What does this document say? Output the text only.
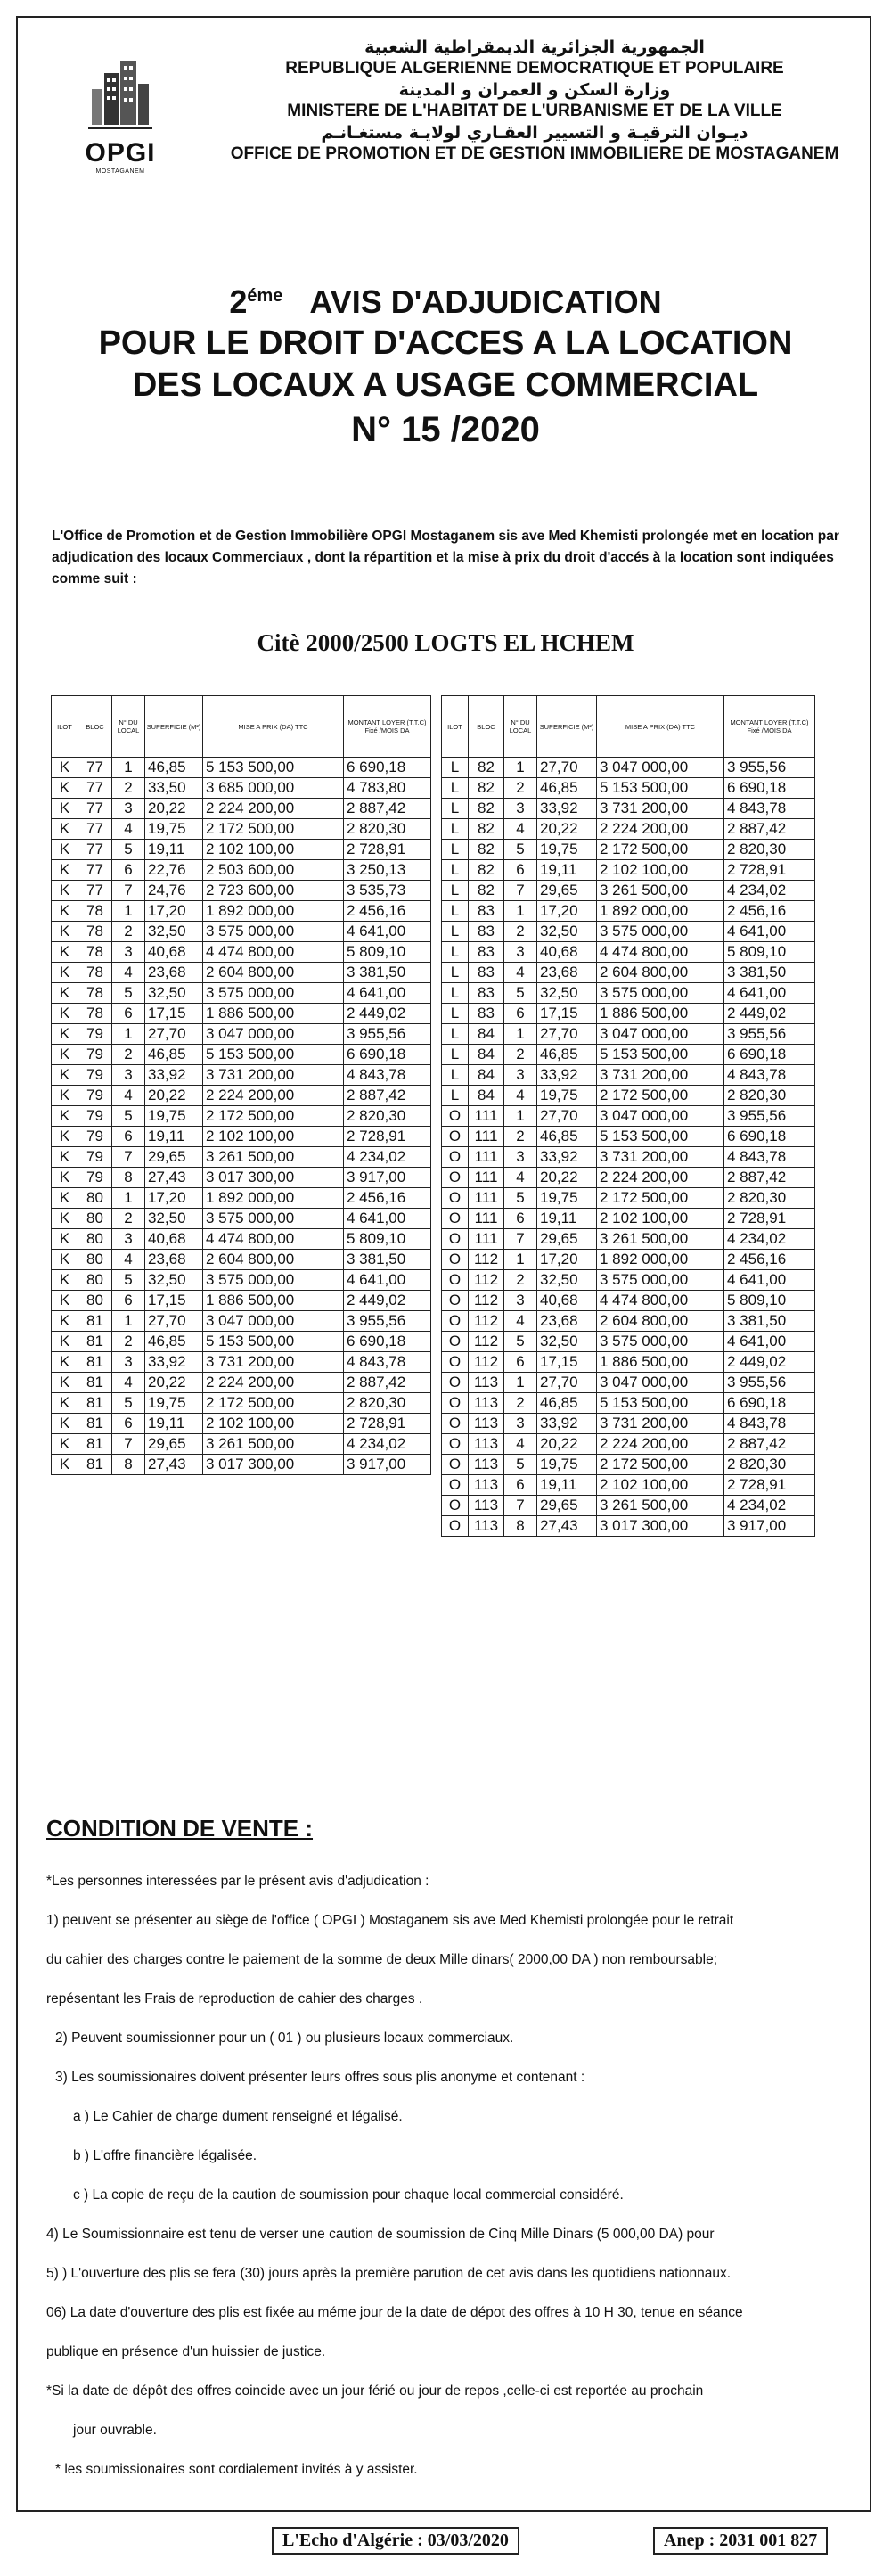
OPGI
MOSTAGANEM
الجمهورية الجزائرية الديمقراطية الشعبية
REPUBLIQUE ALGERIENNE DEMOCRATIQUE ET POPULAIRE
وزارة السكن و العمران و المدينة
MINISTERE DE L'HABITAT DE L'URBANISME ET DE LA VILLE
ديـوان الترقيـة و التسيير العقـاري لولايـة مستغـانـم
OFFICE DE PROMOTION ET DE GESTION IMMOBILIERE DE MOSTAGANEM
$2^{éme}$ AVIS D'ADJUDICATION
POUR LE DROIT D'ACCES A LA LOCATION
DES LOCAUX A USAGE COMMERCIAL
N° 15 /2020
L'Office de Promotion et de Gestion Immobilière OPGI Mostaganem sis ave Med Khemisti prolongée met en location par adjudication des locaux Commerciaux , dont la répartition et la mise à prix du droit d'accés à la location sont indiquées comme suit :
Citè 2000/2500 LOGTS EL HCHEM
ILOT	BLOC	N° DU LOCAL	SUPERFICIE (M²)	MISE A PRIX (DA) TTC	MONTANT LOYER (T.T.C) Fixé /MOIS DA
K	77	1	46,85	5 153 500,00	6 690,18
K	77	2	33,50	3 685 000,00	4 783,80
K	77	3	20,22	2 224 200,00	2 887,42
K	77	4	19,75	2 172 500,00	2 820,30
K	77	5	19,11	2 102 100,00	2 728,91
K	77	6	22,76	2 503 600,00	3 250,13
K	77	7	24,76	2 723 600,00	3 535,73
K	78	1	17,20	1 892 000,00	2 456,16
K	78	2	32,50	3 575 000,00	4 641,00
K	78	3	40,68	4 474 800,00	5 809,10
K	78	4	23,68	2 604 800,00	3 381,50
K	78	5	32,50	3 575 000,00	4 641,00
K	78	6	17,15	1 886 500,00	2 449,02
K	79	1	27,70	3 047 000,00	3 955,56
K	79	2	46,85	5 153 500,00	6 690,18
K	79	3	33,92	3 731 200,00	4 843,78
K	79	4	20,22	2 224 200,00	2 887,42
K	79	5	19,75	2 172 500,00	2 820,30
K	79	6	19,11	2 102 100,00	2 728,91
K	79	7	29,65	3 261 500,00	4 234,02
K	79	8	27,43	3 017 300,00	3 917,00
K	80	1	17,20	1 892 000,00	2 456,16
K	80	2	32,50	3 575 000,00	4 641,00
K	80	3	40,68	4 474 800,00	5 809,10
K	80	4	23,68	2 604 800,00	3 381,50
K	80	5	32,50	3 575 000,00	4 641,00
K	80	6	17,15	1 886 500,00	2 449,02
K	81	1	27,70	3 047 000,00	3 955,56
K	81	2	46,85	5 153 500,00	6 690,18
K	81	3	33,92	3 731 200,00	4 843,78
K	81	4	20,22	2 224 200,00	2 887,42
K	81	5	19,75	2 172 500,00	2 820,30
K	81	6	19,11	2 102 100,00	2 728,91
K	81	7	29,65	3 261 500,00	4 234,02
K	81	8	27,43	3 017 300,00	3 917,00
ILOT	BLOC	N° DU LOCAL	SUPERFICIE (M²)	MISE A PRIX (DA) TTC	MONTANT LOYER (T.T.C) Fixé /MOIS DA
L	82	1	27,70	3 047 000,00	3 955,56
L	82	2	46,85	5 153 500,00	6 690,18
L	82	3	33,92	3 731 200,00	4 843,78
L	82	4	20,22	2 224 200,00	2 887,42
L	82	5	19,75	2 172 500,00	2 820,30
L	82	6	19,11	2 102 100,00	2 728,91
L	82	7	29,65	3 261 500,00	4 234,02
L	83	1	17,20	1 892 000,00	2 456,16
L	83	2	32,50	3 575 000,00	4 641,00
L	83	3	40,68	4 474 800,00	5 809,10
L	83	4	23,68	2 604 800,00	3 381,50
L	83	5	32,50	3 575 000,00	4 641,00
L	83	6	17,15	1 886 500,00	2 449,02
L	84	1	27,70	3 047 000,00	3 955,56
L	84	2	46,85	5 153 500,00	6 690,18
L	84	3	33,92	3 731 200,00	4 843,78
L	84	4	19,75	2 172 500,00	2 820,30
O	111	1	27,70	3 047 000,00	3 955,56
O	111	2	46,85	5 153 500,00	6 690,18
O	111	3	33,92	3 731 200,00	4 843,78
O	111	4	20,22	2 224 200,00	2 887,42
O	111	5	19,75	2 172 500,00	2 820,30
O	111	6	19,11	2 102 100,00	2 728,91
O	111	7	29,65	3 261 500,00	4 234,02
O	112	1	17,20	1 892 000,00	2 456,16
O	112	2	32,50	3 575 000,00	4 641,00
O	112	3	40,68	4 474 800,00	5 809,10
O	112	4	23,68	2 604 800,00	3 381,50
O	112	5	32,50	3 575 000,00	4 641,00
O	112	6	17,15	1 886 500,00	2 449,02
O	113	1	27,70	3 047 000,00	3 955,56
O	113	2	46,85	5 153 500,00	6 690,18
O	113	3	33,92	3 731 200,00	4 843,78
O	113	4	20,22	2 224 200,00	2 887,42
O	113	5	19,75	2 172 500,00	2 820,30
O	113	6	19,11	2 102 100,00	2 728,91
O	113	7	29,65	3 261 500,00	4 234,02
O	113	8	27,43	3 017 300,00	3 917,00
CONDITION DE VENTE :

*Les personnes interessées par le présent avis d'adjudication :

1) peuvent se présenter au siège de l'office ( OPGI ) Mostaganem sis ave Med Khemisti prolongée pour le retrait

du cahier des charges contre le paiement de la somme de deux Mille dinars( 2000,00 DA ) non remboursable;

repésentant les Frais de reproduction de cahier des charges .

2) Peuvent soumissionner pour un ( 01 ) ou plusieurs locaux commerciaux.

3) Les soumissionaires doivent présenter leurs offres sous plis anonyme et contenant :

a ) Le Cahier de charge dument renseigné et légalisé.

b ) L'offre financière légalisée.

c ) La copie de reçu de la caution de soumission pour chaque local commercial considéré.

4) Le Soumissionnaire est tenu de verser une caution de soumission de Cinq Mille Dinars (5 000,00 DA) pour

5) ) L'ouverture des plis se fera (30) jours après la première parution de cet avis dans les quotidiens nationnaux.

06) La date d'ouverture des plis est fixée au méme jour de la date de dépot des offres à 10 H 30, tenue en séance

publique en présence d'un huissier de justice.

*Si la date de dépôt des offres coincide avec un jour férié ou jour de repos ,celle-ci est reportée au prochain

jour ouvrable.

* les soumissionaires sont cordialement invités à y assister.

L'Echo d'Algérie : 03/03/2020	Anep : 2031 001 827
